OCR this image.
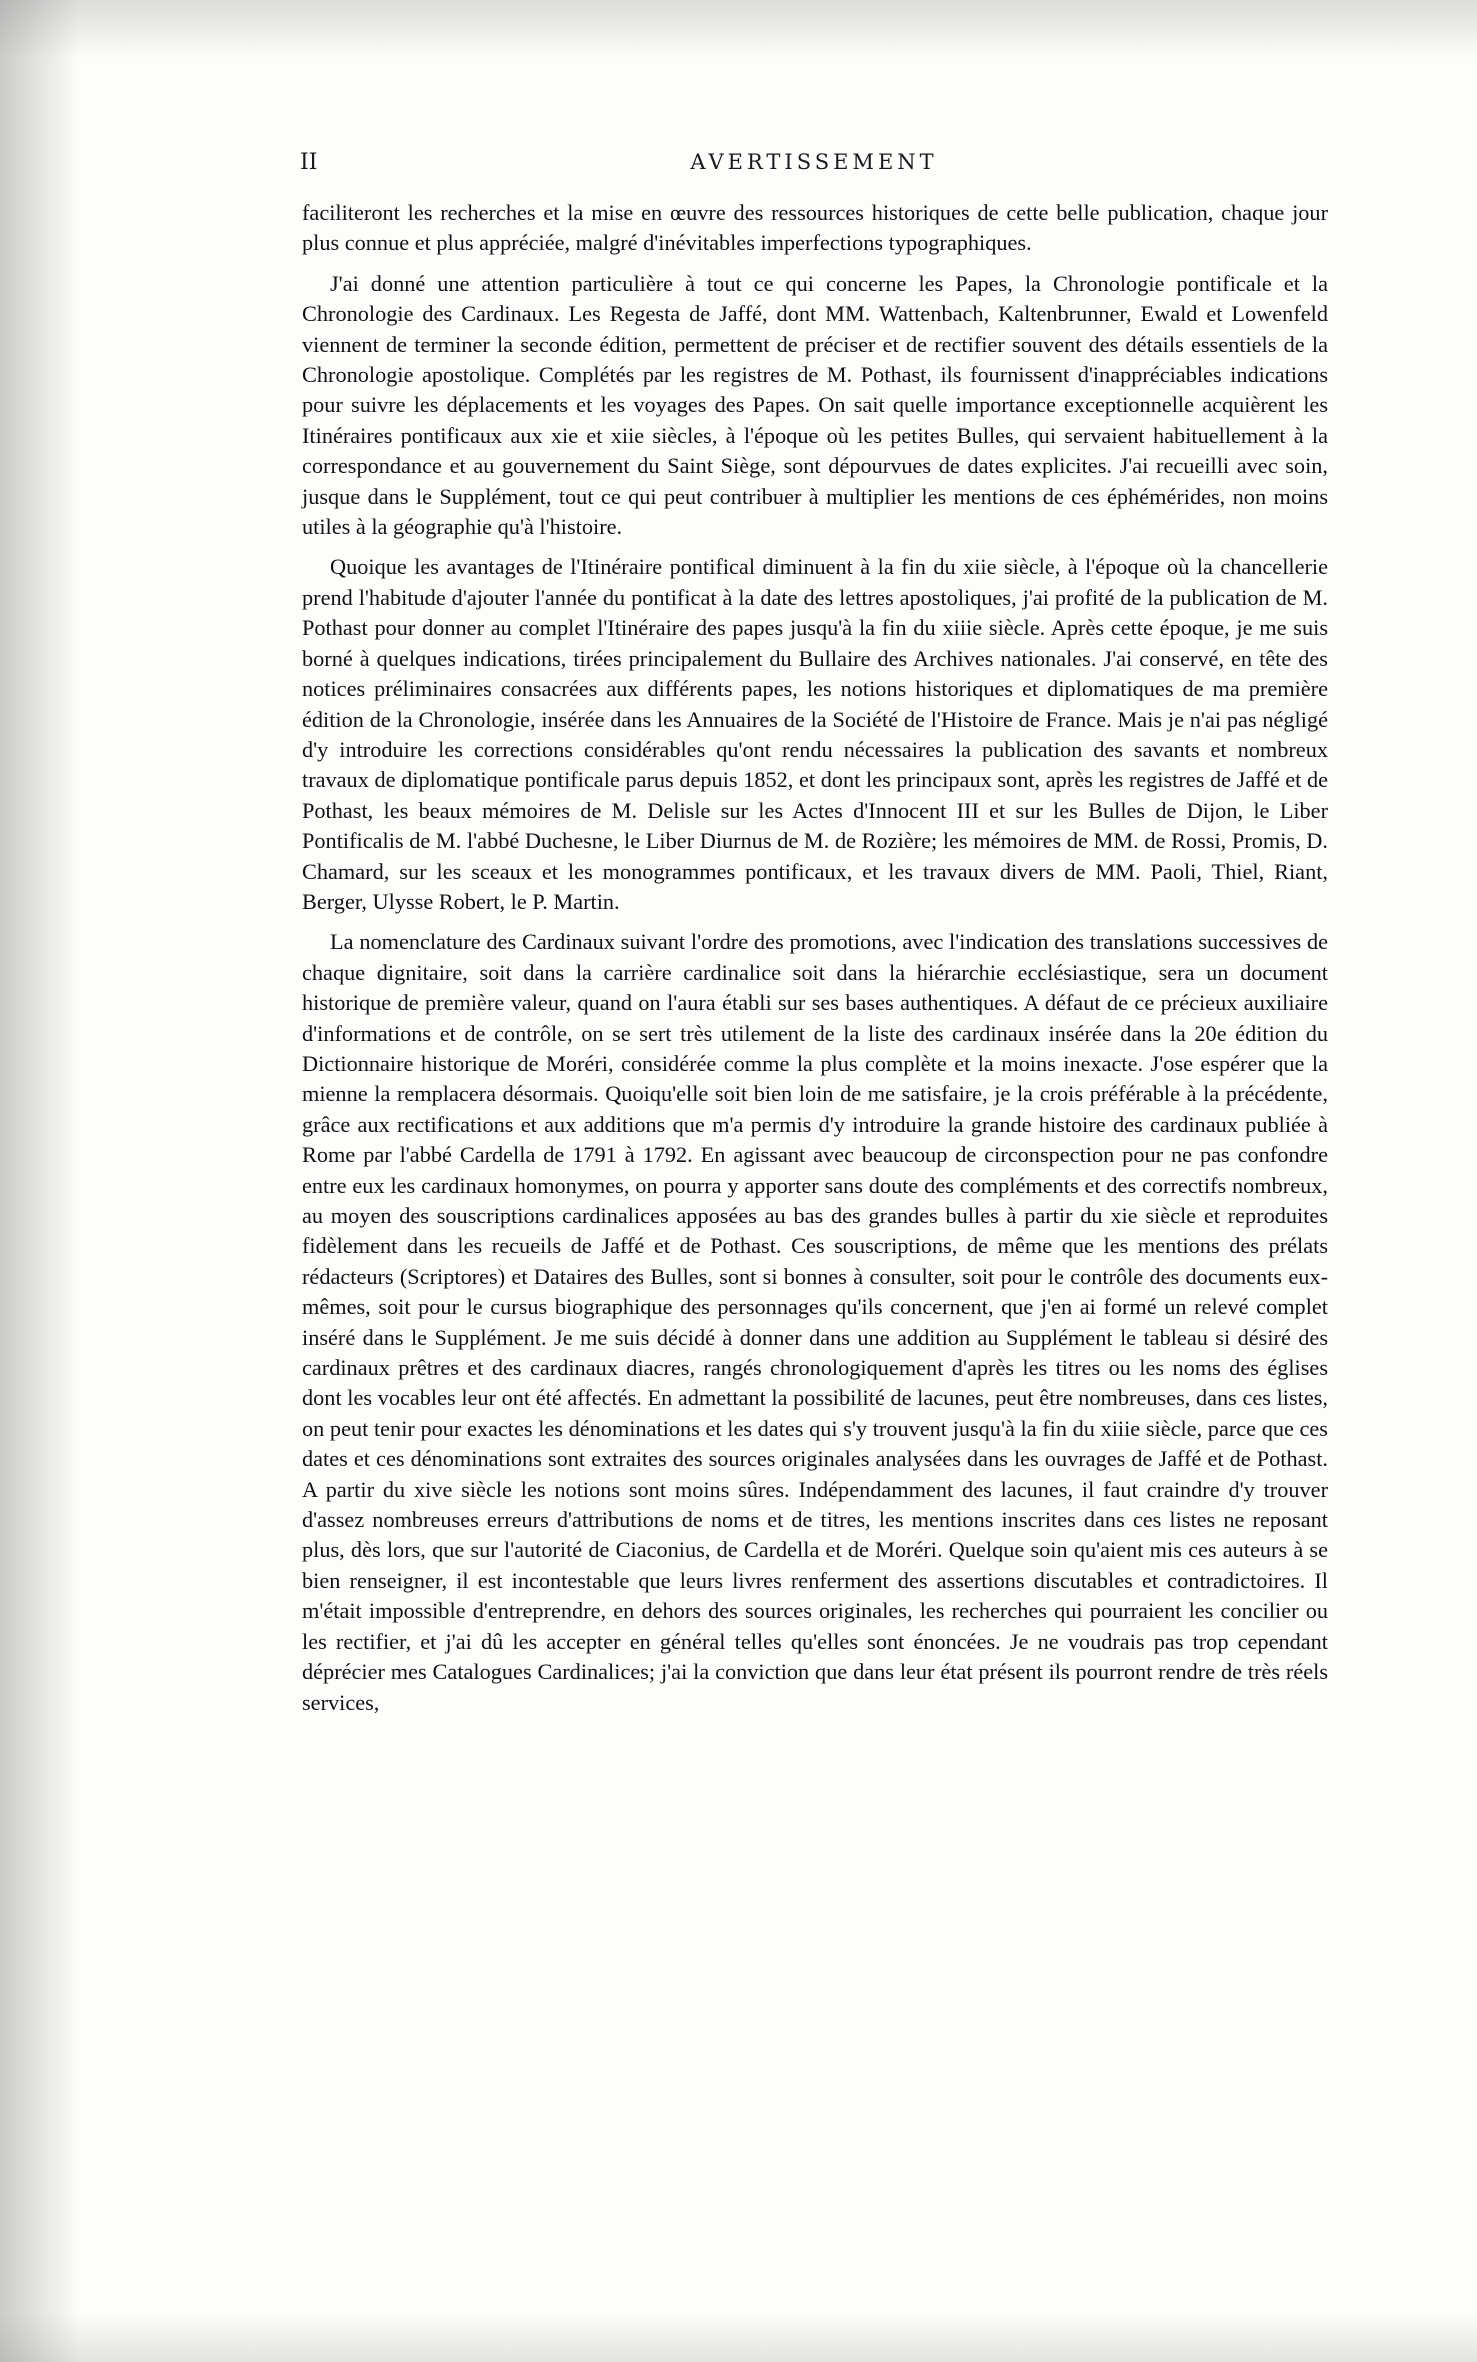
II	AVERTISSEMENT

faciliteront les recherches et la mise en œuvre des ressources historiques de cette belle publication, chaque jour plus connue et plus appréciée, malgré d'inévitables imperfections typographiques.

J'ai donné une attention particulière à tout ce qui concerne les Papes, la Chronologie pontificale et la Chronologie des Cardinaux. Les Regesta de Jaffé, dont MM. Wattenbach, Kaltenbrunner, Ewald et Lowenfeld viennent de terminer la seconde édition, permettent de préciser et de rectifier souvent des détails essentiels de la Chronologie apostolique. Complétés par les registres de M. Pothast, ils fournissent d'inappréciables indications pour suivre les déplacements et les voyages des Papes. On sait quelle importance exceptionnelle acquièrent les Itinéraires pontificaux aux xie et xiie siècles, à l'époque où les petites Bulles, qui servaient habituellement à la correspondance et au gouvernement du Saint Siège, sont dépourvues de dates explicites. J'ai recueilli avec soin, jusque dans le Supplément, tout ce qui peut contribuer à multiplier les mentions de ces éphémérides, non moins utiles à la géographie qu'à l'histoire.

Quoique les avantages de l'Itinéraire pontifical diminuent à la fin du xiie siècle, à l'époque où la chancellerie prend l'habitude d'ajouter l'année du pontificat à la date des lettres apostoliques, j'ai profité de la publication de M. Pothast pour donner au complet l'Itinéraire des papes jusqu'à la fin du xiiie siècle. Après cette époque, je me suis borné à quelques indications, tirées principalement du Bullaire des Archives nationales. J'ai conservé, en tête des notices préliminaires consacrées aux différents papes, les notions historiques et diplomatiques de ma première édition de la Chronologie, insérée dans les Annuaires de la Société de l'Histoire de France. Mais je n'ai pas négligé d'y introduire les corrections considérables qu'ont rendu nécessaires la publication des savants et nombreux travaux de diplomatique pontificale parus depuis 1852, et dont les principaux sont, après les registres de Jaffé et de Pothast, les beaux mémoires de M. Delisle sur les Actes d'Innocent III et sur les Bulles de Dijon, le Liber Pontificalis de M. l'abbé Duchesne, le Liber Diurnus de M. de Rozière; les mémoires de MM. de Rossi, Promis, D. Chamard, sur les sceaux et les monogrammes pontificaux, et les travaux divers de MM. Paoli, Thiel, Riant, Berger, Ulysse Robert, le P. Martin.

La nomenclature des Cardinaux suivant l'ordre des promotions, avec l'indication des translations successives de chaque dignitaire, soit dans la carrière cardinalice soit dans la hiérarchie ecclésiastique, sera un document historique de première valeur, quand on l'aura établi sur ses bases authentiques. A défaut de ce précieux auxiliaire d'informations et de contrôle, on se sert très utilement de la liste des cardinaux insérée dans la 20e édition du Dictionnaire historique de Moréri, considérée comme la plus complète et la moins inexacte. J'ose espérer que la mienne la remplacera désormais. Quoiqu'elle soit bien loin de me satisfaire, je la crois préférable à la précédente, grâce aux rectifications et aux additions que m'a permis d'y introduire la grande histoire des cardinaux publiée à Rome par l'abbé Cardella de 1791 à 1792. En agissant avec beaucoup de circonspection pour ne pas confondre entre eux les cardinaux homonymes, on pourra y apporter sans doute des compléments et des correctifs nombreux, au moyen des souscriptions cardinalices apposées au bas des grandes bulles à partir du xie siècle et reproduites fidèlement dans les recueils de Jaffé et de Pothast. Ces souscriptions, de même que les mentions des prélats rédacteurs (Scriptores) et Dataires des Bulles, sont si bonnes à consulter, soit pour le contrôle des documents eux-mêmes, soit pour le cursus biographique des personnages qu'ils concernent, que j'en ai formé un relevé complet inséré dans le Supplément. Je me suis décidé à donner dans une addition au Supplément le tableau si désiré des cardinaux prêtres et des cardinaux diacres, rangés chronologiquement d'après les titres ou les noms des églises dont les vocables leur ont été affectés. En admettant la possibilité de lacunes, peut être nombreuses, dans ces listes, on peut tenir pour exactes les dénominations et les dates qui s'y trouvent jusqu'à la fin du xiiie siècle, parce que ces dates et ces dénominations sont extraites des sources originales analysées dans les ouvrages de Jaffé et de Pothast. A partir du xive siècle les notions sont moins sûres. Indépendamment des lacunes, il faut craindre d'y trouver d'assez nombreuses erreurs d'attributions de noms et de titres, les mentions inscrites dans ces listes ne reposant plus, dès lors, que sur l'autorité de Ciaconius, de Cardella et de Moréri. Quelque soin qu'aient mis ces auteurs à se bien renseigner, il est incontestable que leurs livres renferment des assertions discutables et contradictoires. Il m'était impossible d'entreprendre, en dehors des sources originales, les recherches qui pourraient les concilier ou les rectifier, et j'ai dû les accepter en général telles qu'elles sont énoncées. Je ne voudrais pas trop cependant déprécier mes Catalogues Cardinalices; j'ai la conviction que dans leur état présent ils pourront rendre de très réels services,
